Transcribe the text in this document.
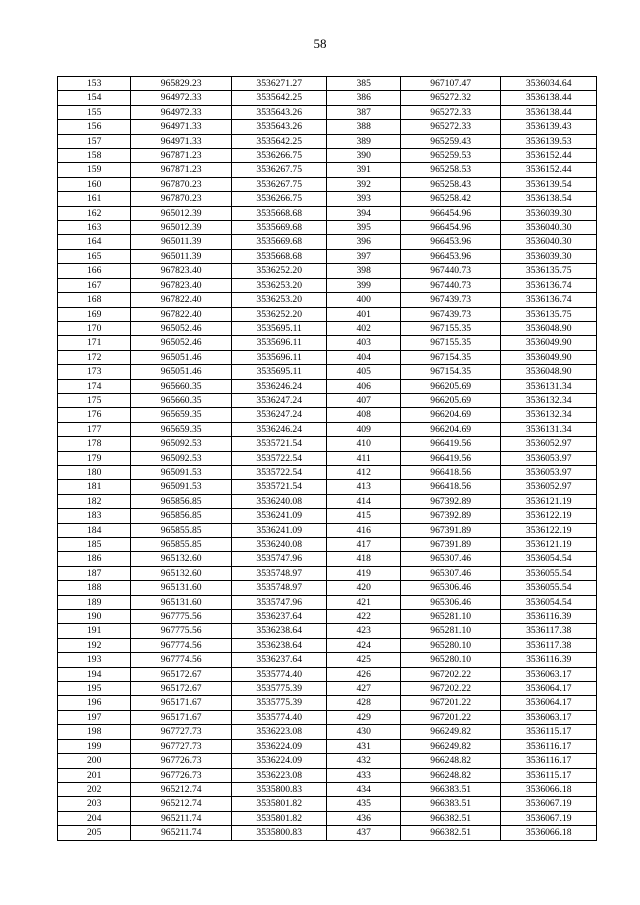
58
153	965829.23	3536271.27	385	967107.47	3536034.64
154	964972.33	3535642.25	386	965272.32	3536138.44
155	964972.33	3535643.26	387	965272.33	3536138.44
156	964971.33	3535643.26	388	965272.33	3536139.43
157	964971.33	3535642.25	389	965259.43	3536139.53
158	967871.23	3536266.75	390	965259.53	3536152.44
159	967871.23	3536267.75	391	965258.53	3536152.44
160	967870.23	3536267.75	392	965258.43	3536139.54
161	967870.23	3536266.75	393	965258.42	3536138.54
162	965012.39	3535668.68	394	966454.96	3536039.30
163	965012.39	3535669.68	395	966454.96	3536040.30
164	965011.39	3535669.68	396	966453.96	3536040.30
165	965011.39	3535668.68	397	966453.96	3536039.30
166	967823.40	3536252.20	398	967440.73	3536135.75
167	967823.40	3536253.20	399	967440.73	3536136.74
168	967822.40	3536253.20	400	967439.73	3536136.74
169	967822.40	3536252.20	401	967439.73	3536135.75
170	965052.46	3535695.11	402	967155.35	3536048.90
171	965052.46	3535696.11	403	967155.35	3536049.90
172	965051.46	3535696.11	404	967154.35	3536049.90
173	965051.46	3535695.11	405	967154.35	3536048.90
174	965660.35	3536246.24	406	966205.69	3536131.34
175	965660.35	3536247.24	407	966205.69	3536132.34
176	965659.35	3536247.24	408	966204.69	3536132.34
177	965659.35	3536246.24	409	966204.69	3536131.34
178	965092.53	3535721.54	410	966419.56	3536052.97
179	965092.53	3535722.54	411	966419.56	3536053.97
180	965091.53	3535722.54	412	966418.56	3536053.97
181	965091.53	3535721.54	413	966418.56	3536052.97
182	965856.85	3536240.08	414	967392.89	3536121.19
183	965856.85	3536241.09	415	967392.89	3536122.19
184	965855.85	3536241.09	416	967391.89	3536122.19
185	965855.85	3536240.08	417	967391.89	3536121.19
186	965132.60	3535747.96	418	965307.46	3536054.54
187	965132.60	3535748.97	419	965307.46	3536055.54
188	965131.60	3535748.97	420	965306.46	3536055.54
189	965131.60	3535747.96	421	965306.46	3536054.54
190	967775.56	3536237.64	422	965281.10	3536116.39
191	967775.56	3536238.64	423	965281.10	3536117.38
192	967774.56	3536238.64	424	965280.10	3536117.38
193	967774.56	3536237.64	425	965280.10	3536116.39
194	965172.67	3535774.40	426	967202.22	3536063.17
195	965172.67	3535775.39	427	967202.22	3536064.17
196	965171.67	3535775.39	428	967201.22	3536064.17
197	965171.67	3535774.40	429	967201.22	3536063.17
198	967727.73	3536223.08	430	966249.82	3536115.17
199	967727.73	3536224.09	431	966249.82	3536116.17
200	967726.73	3536224.09	432	966248.82	3536116.17
201	967726.73	3536223.08	433	966248.82	3536115.17
202	965212.74	3535800.83	434	966383.51	3536066.18
203	965212.74	3535801.82	435	966383.51	3536067.19
204	965211.74	3535801.82	436	966382.51	3536067.19
205	965211.74	3535800.83	437	966382.51	3536066.18
